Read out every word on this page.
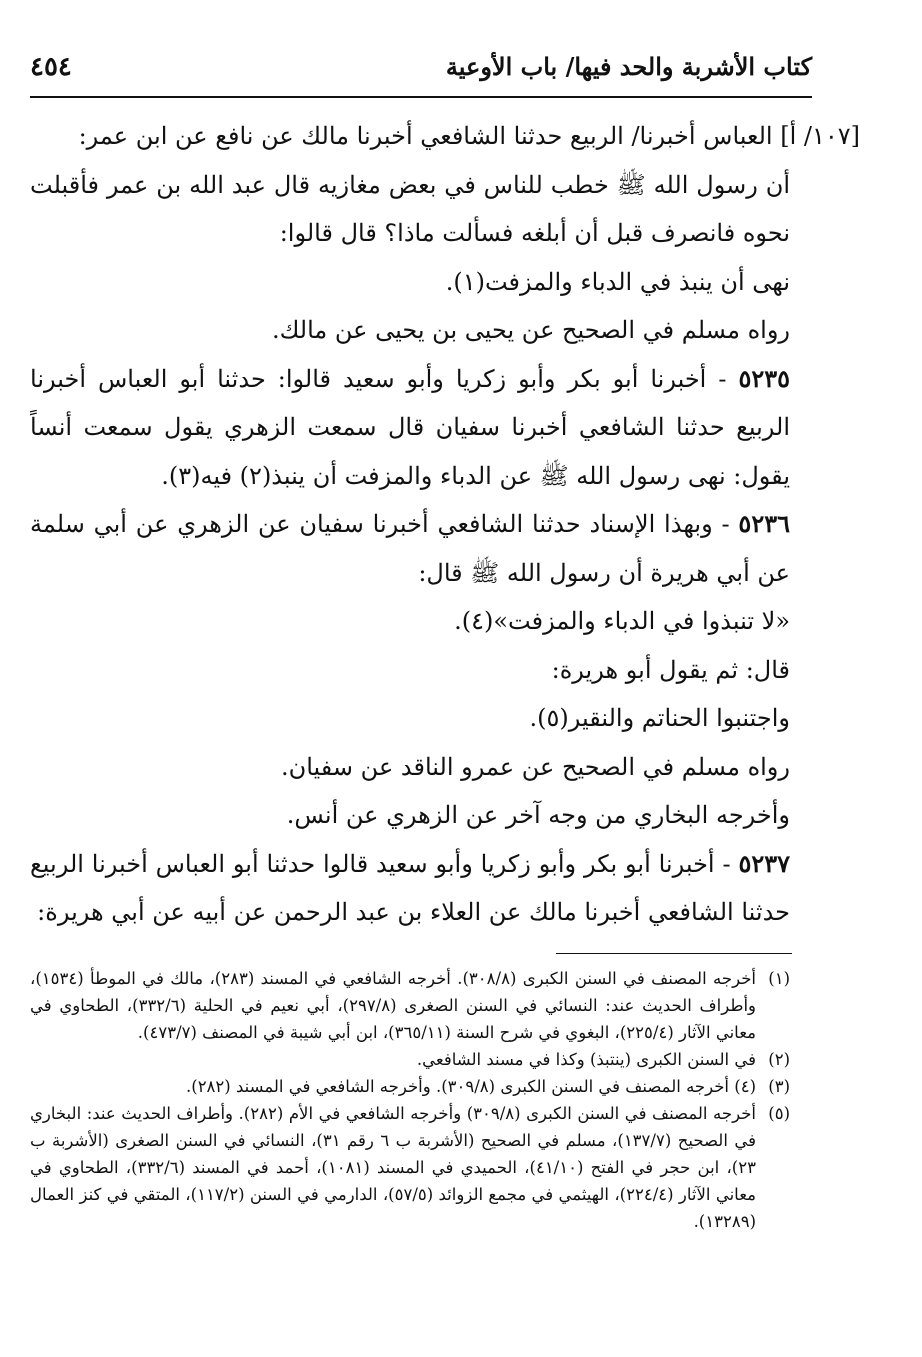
٤٥٤	كتاب الأشربة والحد فيها/ باب الأوعية

[١٠٧/ أ] العباس أخبرنا/ الربيع حدثنا الشافعي أخبرنا مالك عن نافع عن ابن عمر:

أن رسول الله ﷺ خطب للناس في بعض مغازيه قال عبد الله بن عمر فأقبلت نحوه فانصرف قبل أن أبلغه فسألت ماذا؟ قال قالوا:

نهى أن ينبذ في الدباء والمزفت(١).

رواه مسلم في الصحيح عن يحيى بن يحيى عن مالك.

٥٢٣٥ - أخبرنا أبو بكر وأبو زكريا وأبو سعيد قالوا: حدثنا أبو العباس أخبرنا الربيع حدثنا الشافعي أخبرنا سفيان قال سمعت الزهري يقول سمعت أنساً يقول: نهى رسول الله ﷺ عن الدباء والمزفت أن ينبذ(٢) فيه(٣).

٥٢٣٦ - وبهذا الإسناد حدثنا الشافعي أخبرنا سفيان عن الزهري عن أبي سلمة عن أبي هريرة أن رسول الله ﷺ قال:

«لا تنبذوا في الدباء والمزفت»(٤).

قال: ثم يقول أبو هريرة:

واجتنبوا الحناتم والنقير(٥).

رواه مسلم في الصحيح عن عمرو الناقد عن سفيان.

وأخرجه البخاري من وجه آخر عن الزهري عن أنس.

٥٢٣٧ - أخبرنا أبو بكر وأبو زكريا وأبو سعيد قالوا حدثنا أبو العباس أخبرنا الربيع حدثنا الشافعي أخبرنا مالك عن العلاء بن عبد الرحمن عن أبيه عن أبي هريرة:

(١)
أخرجه المصنف في السنن الكبرى (٣٠٨/٨). أخرجه الشافعي في المسند (٢٨٣)، مالك في الموطأ (١٥٣٤)، وأطراف الحديث عند: النسائي في السنن الصغرى (٢٩٧/٨)، أبي نعيم في الحلية (٣٣٢/٦)، الطحاوي في معاني الآثار (٢٢٥/٤)، البغوي في شرح السنة (٣٦٥/١١)، ابن أبي شيبة في المصنف (٤٧٣/٧).
(٢)
في السنن الكبرى (ينتبذ) وكذا في مسند الشافعي.
(٣)
(٤) أخرجه المصنف في السنن الكبرى (٣٠٩/٨). وأخرجه الشافعي في المسند (٢٨٢).
(٥)
أخرجه المصنف في السنن الكبرى (٣٠٩/٨) وأخرجه الشافعي في الأم (٢٨٢). وأطراف الحديث عند: البخاري في الصحيح (١٣٧/٧)، مسلم في الصحيح (الأشربة ب ٦ رقم ٣١)، النسائي في السنن الصغرى (الأشربة ب ٢٣)، ابن حجر في الفتح (٤١/١٠)، الحميدي في المسند (١٠٨١)، أحمد في المسند (٣٣٢/٦)، الطحاوي في معاني الآثار (٢٢٤/٤)، الهيثمي في مجمع الزوائد (٥٧/٥)، الدارمي في السنن (١١٧/٢)، المتقي في كنز العمال (١٣٢٨٩).
